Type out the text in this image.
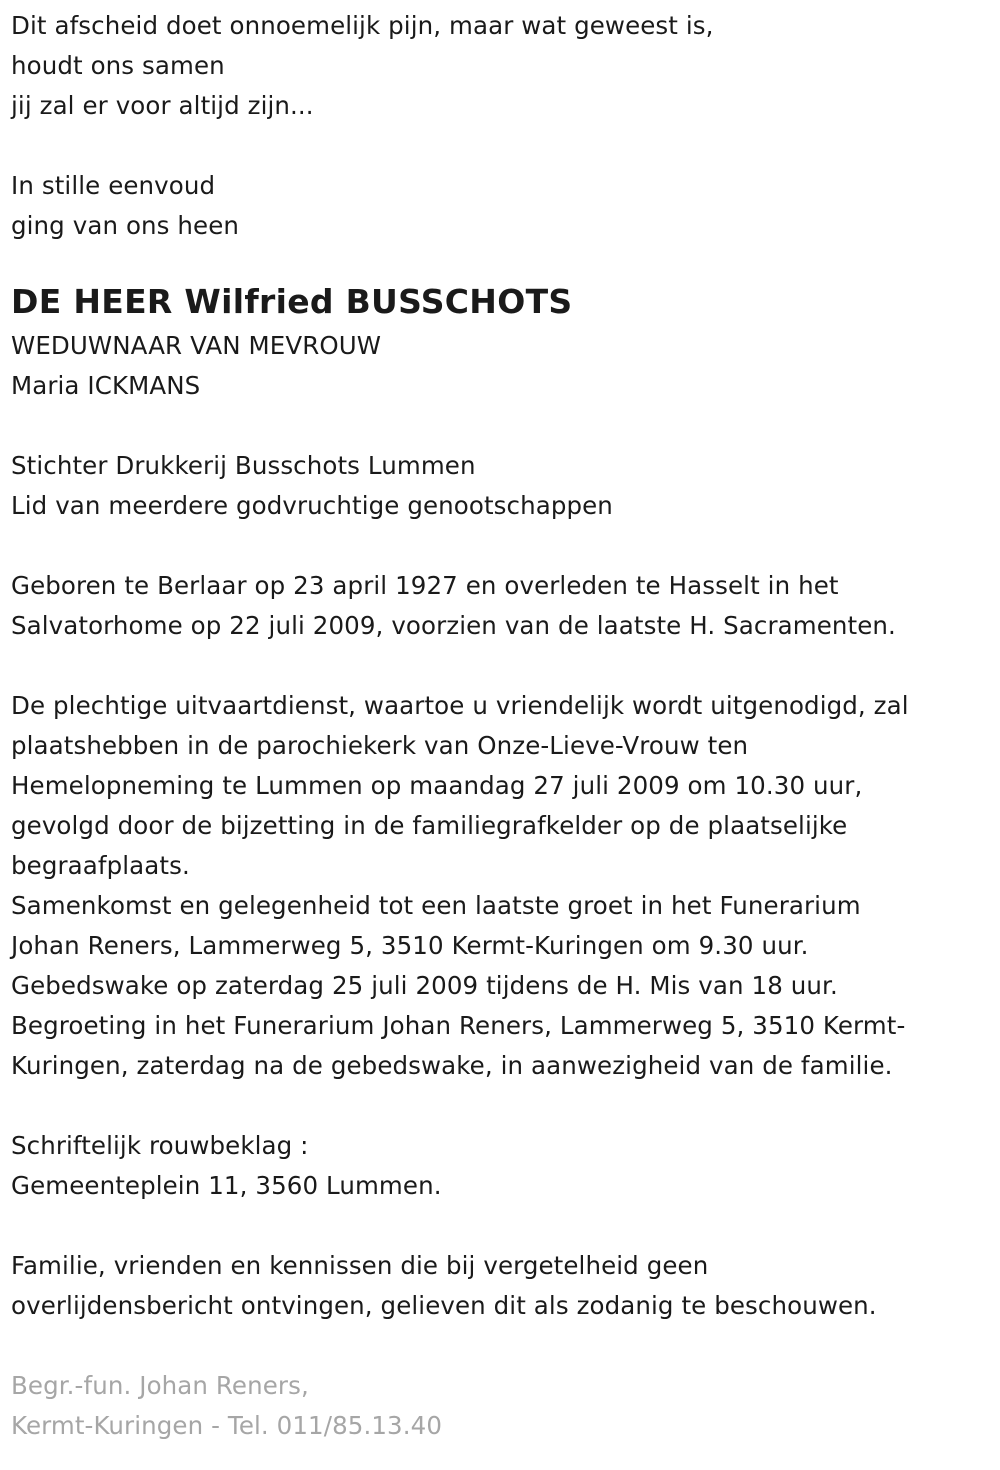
Dit afscheid doet onnoemelijk pijn, maar wat geweest is,
houdt ons samen
jij zal er voor altijd zijn...
In stille eenvoud
ging van ons heen
DE HEER Wilfried BUSSCHOTS
WEDUWNAAR VAN MEVROUW
Maria ICKMANS
Stichter Drukkerij Busschots Lummen
Lid van meerdere godvruchtige genootschappen
Geboren te Berlaar op 23 april 1927 en overleden te Hasselt in het
Salvatorhome op 22 juli 2009, voorzien van de laatste H. Sacramenten.
De plechtige uitvaartdienst, waartoe u vriendelijk wordt uitgenodigd, zal
plaatshebben in de parochiekerk van Onze-Lieve-Vrouw ten
Hemelopneming te Lummen op maandag 27 juli 2009 om 10.30 uur,
gevolgd door de bijzetting in de familiegrafkelder op de plaatselijke
begraafplaats.
Samenkomst en gelegenheid tot een laatste groet in het Funerarium
Johan Reners, Lammerweg 5, 3510 Kermt-Kuringen om 9.30 uur.
Gebedswake op zaterdag 25 juli 2009 tijdens de H. Mis van 18 uur.
Begroeting in het Funerarium Johan Reners, Lammerweg 5, 3510 Kermt-
Kuringen, zaterdag na de gebedswake, in aanwezigheid van de familie.
Schriftelijk rouwbeklag :
Gemeenteplein 11, 3560 Lummen.
Familie, vrienden en kennissen die bij vergetelheid geen
overlijdensbericht ontvingen, gelieven dit als zodanig te beschouwen.
Begr.-fun. Johan Reners,
Kermt-Kuringen - Tel. 011/85.13.40
